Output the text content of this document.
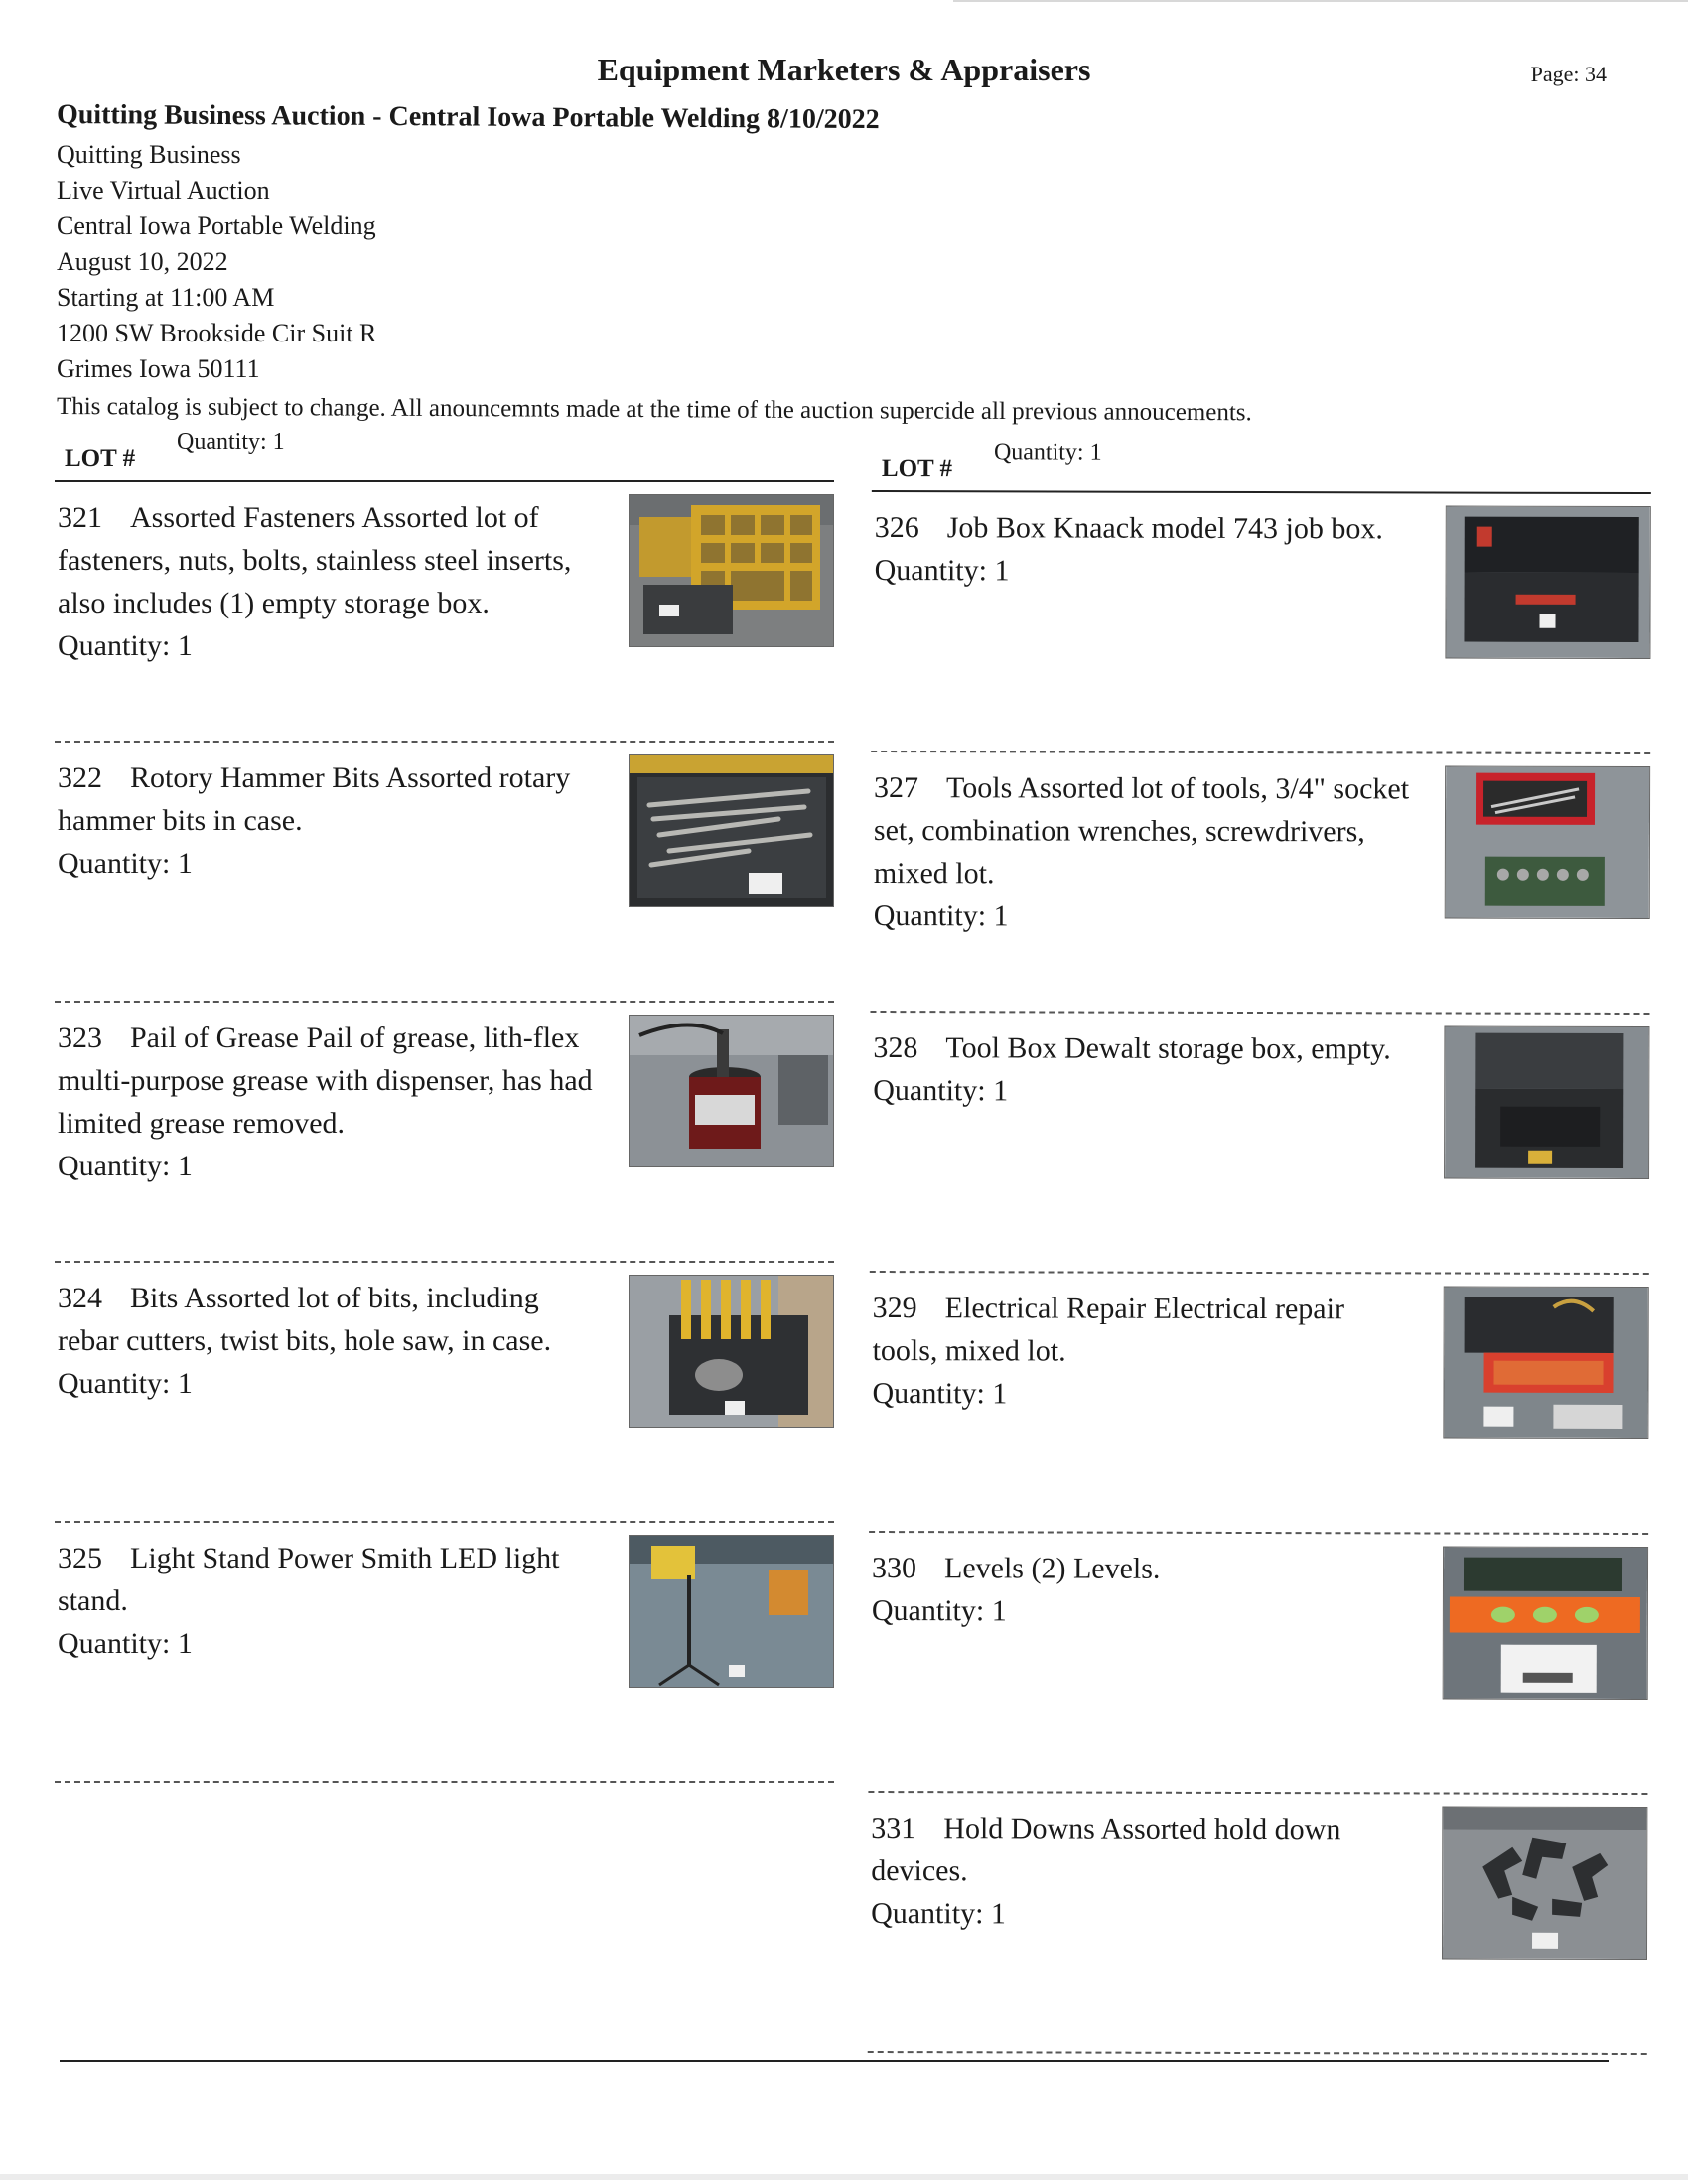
Equipment Marketers & Appraisers	Page: 34
Quitting Business Auction - Central Iowa Portable Welding 8/10/2022
Quitting Business
Live Virtual Auction
Central Iowa Portable Welding
August 10, 2022
Starting at 11:00 AM
1200 SW Brookside Cir Suit R
Grimes Iowa 50111
This catalog is subject to change. All anouncemnts made at the time of the auction supercide all previous annoucements.
LOT #
Quantity: 1
321 Assorted Fasteners Assorted lot of fasteners, nuts, bolts, stainless steel inserts, also includes (1) empty storage box.
Quantity: 1
322 Rotory Hammer Bits Assorted rotary hammer bits in case.
Quantity: 1
323 Pail of Grease Pail of grease, lith-flex multi-purpose grease with dispenser, has had limited grease removed.
Quantity: 1
324 Bits Assorted lot of bits, including rebar cutters, twist bits, hole saw, in case.
Quantity: 1
325 Light Stand Power Smith LED light stand.
Quantity: 1
LOT #
Quantity: 1
326 Job Box Knaack model 743 job box.
Quantity: 1
327 Tools Assorted lot of tools, 3/4" socket set, combination wrenches, screwdrivers, mixed lot.
Quantity: 1
328 Tool Box Dewalt storage box, empty.
Quantity: 1
329 Electrical Repair Electrical repair tools, mixed lot.
Quantity: 1
330 Levels (2) Levels.
Quantity: 1
331 Hold Downs Assorted hold down devices.
Quantity: 1
